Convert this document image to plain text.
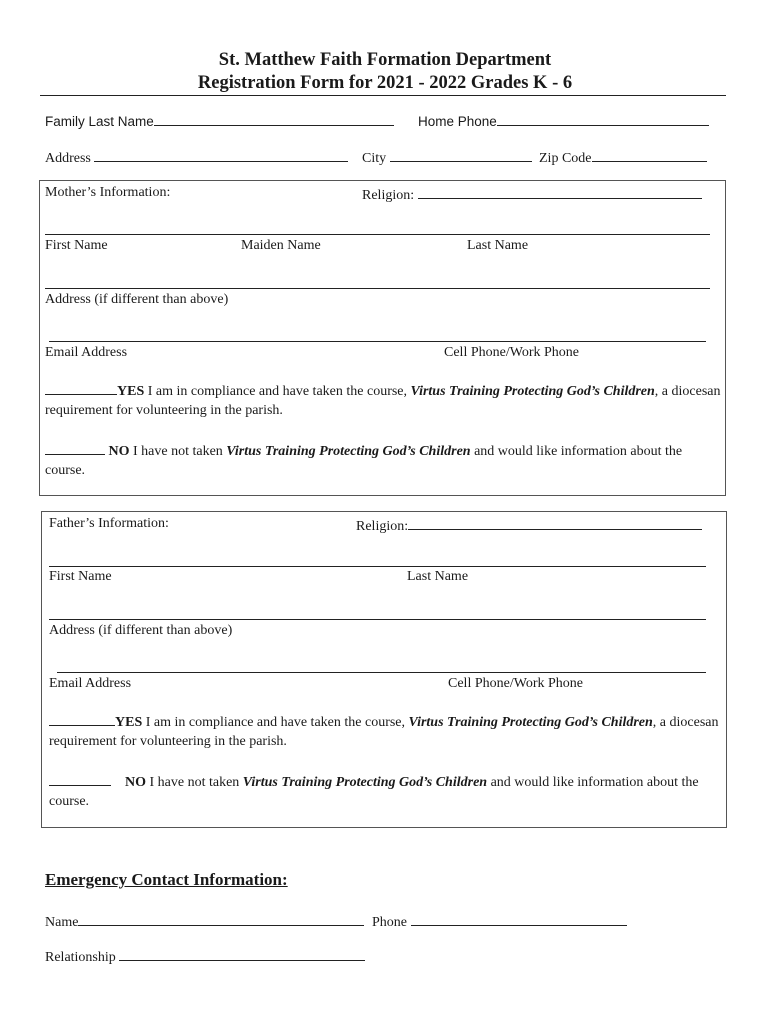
St. Matthew Faith Formation Department
Registration Form for 2021 - 2022 Grades K - 6
Family Last Name	Home Phone
Address	City	Zip Code
Mother’s Information:	Religion:
First Name	Maiden Name	Last Name
Address (if different than above)
Email Address	Cell Phone/Work Phone
YES I am in compliance and have taken the course, Virtus Training Protecting God’s Children, a diocesan requirement for volunteering in the parish.
NO I have not taken Virtus Training Protecting God’s Children and would like information about the course.
Father’s Information:	Religion:
First Name	Last Name
Address (if different than above)
Email Address	Cell Phone/Work Phone
YES I am in compliance and have taken the course, Virtus Training Protecting God’s Children, a diocesan requirement for volunteering in the parish.
NO I have not taken Virtus Training Protecting God’s Children and would like information about the course.
Emergency Contact Information:
Name	Phone
Relationship
